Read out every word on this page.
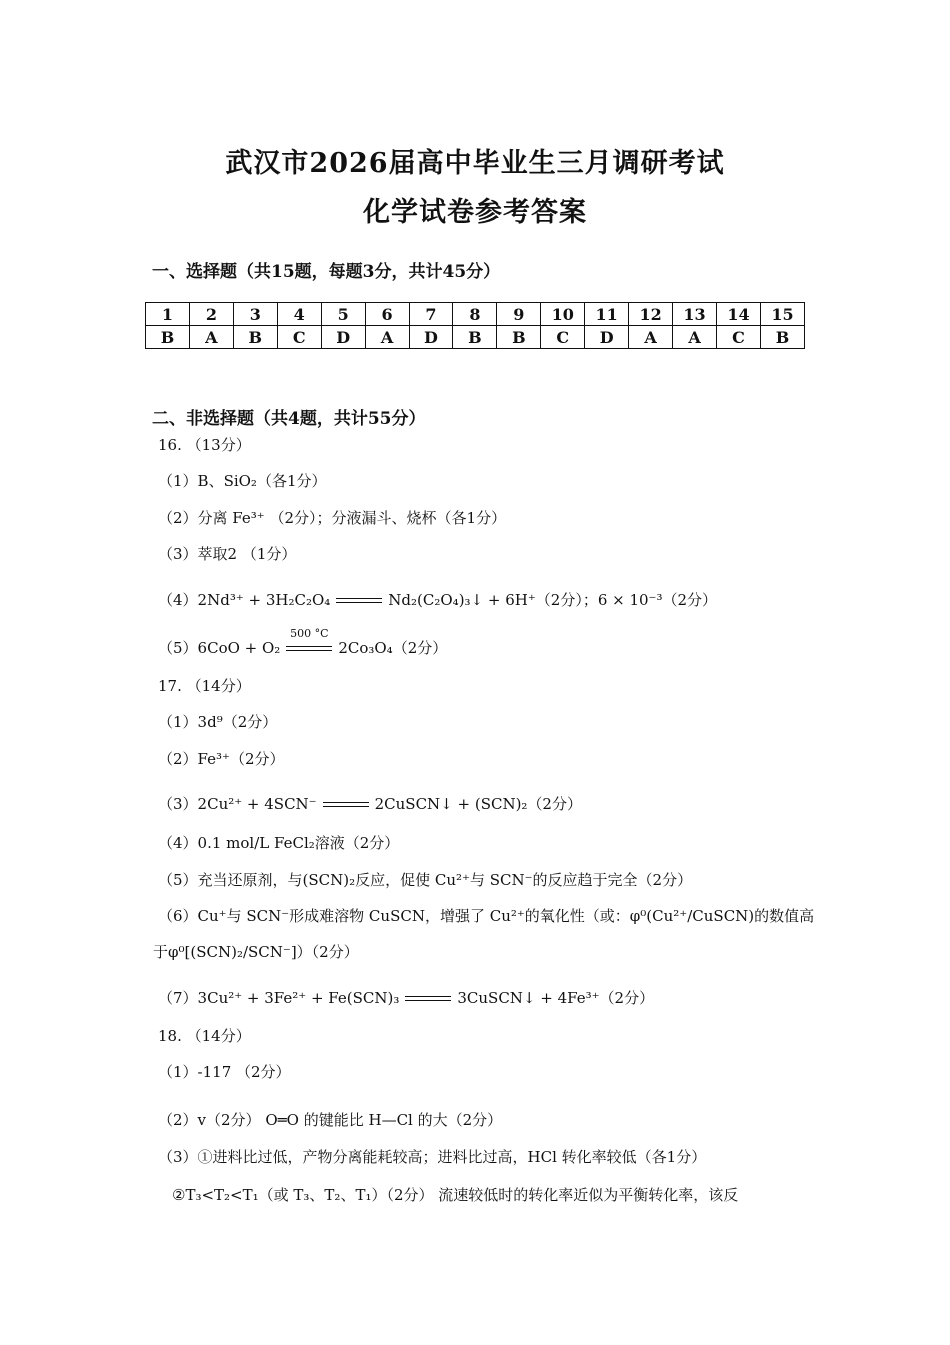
武汉市2026届高中毕业生三月调研考试
化学试卷参考答案
一、选择题（共15题，每题3分，共计45分）
1	2	3	4	5	6	7	8	9	10	11	12	13	14	15
B	A	B	C	D	A	D	B	B	C	D	A	A	C	B
二、非选择题（共4题，共计55分）
16. （13分）
（1）B、SiO₂（各1分）
（2）分离 Fe³⁺ （2分）；分液漏斗、烧杯（各1分）
（3）萃取2 （1分）
（4）2Nd³⁺ + 3H₂C₂O₄	Nd₂(C₂O₄)₃↓ + 6H⁺（2分）；6 × 10⁻³（2分）
（5）6CoO + O₂
500 °C
2Co₃O₄（2分）
17. （14分）
（1）3d⁹（2分）
（2）Fe³⁺（2分）
（3）2Cu²⁺ + 4SCN⁻	2CuSCN↓ + (SCN)₂（2分）
（4）0.1 mol/L FeCl₂溶液（2分）
（5）充当还原剂，与(SCN)₂反应，促使 Cu²⁺与 SCN⁻的反应趋于完全（2分）
（6）Cu⁺与 SCN⁻形成难溶物 CuSCN，增强了 Cu²⁺的氧化性（或：φ⁰(Cu²⁺/CuSCN)的数值高
于φ⁰[(SCN)₂/SCN⁻]）（2分）
（7）3Cu²⁺ + 3Fe²⁺ + Fe(SCN)₃	3CuSCN↓ + 4Fe³⁺（2分）
18. （14分）
（1）-117 （2分）
（2）v（2分） O═O 的键能比 H—Cl 的大（2分）
（3）①进料比过低，产物分离能耗较高；进料比过高，HCl 转化率较低（各1分）
②T₃<T₂<T₁（或 T₃、T₂、T₁）（2分） 流速较低时的转化率近似为平衡转化率，该反
